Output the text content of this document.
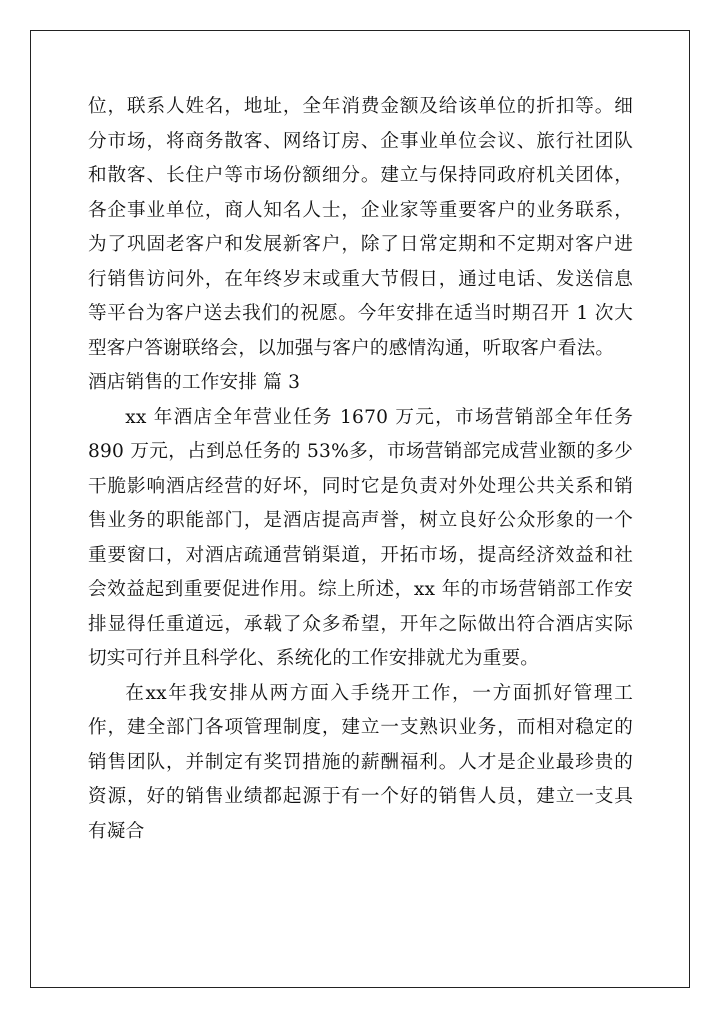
位，联系人姓名，地址，全年消费金额及给该单位的折扣等。细分市场，将商务散客、网络订房、企事业单位会议、旅行社团队和散客、长住户等市场份额细分。建立与保持同政府机关团体，各企事业单位，商人知名人士，企业家等重要客户的业务联系，为了巩固老客户和发展新客户，除了日常定期和不定期对客户进行销售访问外，在年终岁末或重大节假日，通过电话、发送信息等平台为客户送去我们的祝愿。今年安排在适当时期召开 1 次大型客户答谢联络会，以加强与客户的感情沟通，听取客户看法。

酒店销售的工作安排 篇 3

xx 年酒店全年营业任务 1670 万元，市场营销部全年任务 890 万元，占到总任务的 53%多，市场营销部完成营业额的多少干脆影响酒店经营的好坏，同时它是负责对外处理公共关系和销售业务的职能部门，是酒店提高声誉，树立良好公众形象的一个重要窗口，对酒店疏通营销渠道，开拓市场，提高经济效益和社会效益起到重要促进作用。综上所述，xx 年的市场营销部工作安排显得任重道远，承载了众多希望，开年之际做出符合酒店实际切实可行并且科学化、系统化的工作安排就尤为重要。

在xx年我安排从两方面入手绕开工作，一方面抓好管理工作，建全部门各项管理制度，建立一支熟识业务，而相对稳定的销售团队，并制定有奖罚措施的薪酬福利。人才是企业最珍贵的资源，好的销售业绩都起源于有一个好的销售人员，建立一支具有凝合
